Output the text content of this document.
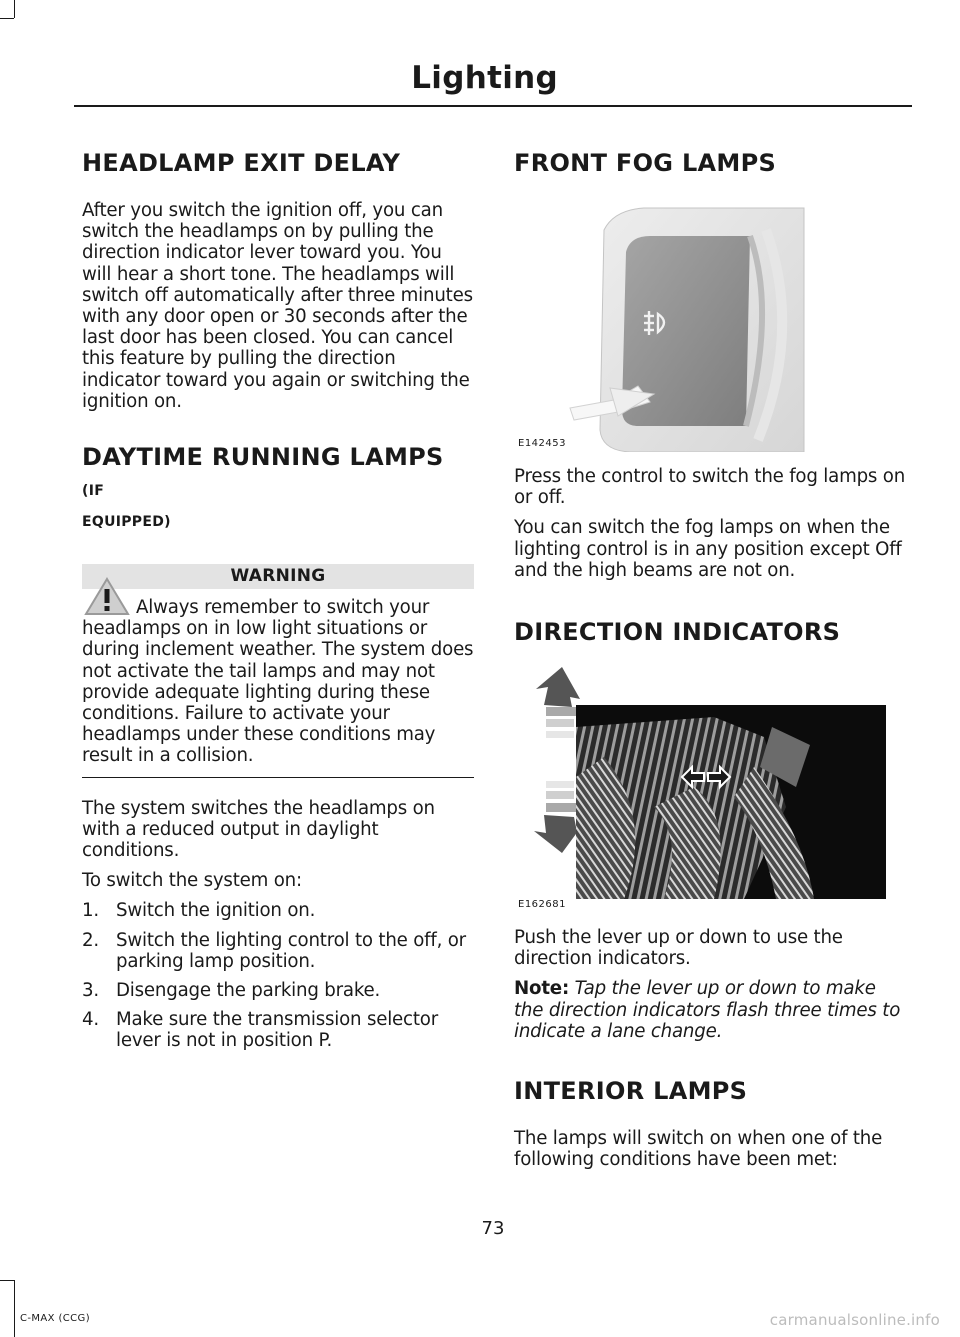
Lighting
HEADLAMP EXIT DELAY

After you switch the ignition off, you can switch the headlamps on by pulling the direction indicator lever toward you. You will hear a short tone. The headlamps will switch off automatically after three minutes with any door open or 30 seconds after the last door has been closed. You can cancel this feature by pulling the direction indicator toward you again or switching the ignition on.

DAYTIME RUNNING LAMPS (IF
EQUIPPED)
WARNING

Always remember to switch your headlamps on in low light situations or during inclement weather. The system does not activate the tail lamps and may not provide adequate lighting during these conditions. Failure to activate your headlamps under these conditions may result in a collision.

The system switches the headlamps on with a reduced output in daylight conditions.

To switch the system on:

1. Switch the ignition on.
2. Switch the lighting control to the off, or parking lamp position.
3. Disengage the parking brake.
4. Make sure the transmission selector lever is not in position P.
FRONT FOG LAMPS
E142453

Press the control to switch the fog lamps on or off.

You can switch the fog lamps on when the lighting control is in any position except Off and the high beams are not on.

DIRECTION INDICATORS
E162681

Push the lever up or down to use the direction indicators.

Note: Tap the lever up or down to make the direction indicators flash three times to indicate a lane change.

INTERIOR LAMPS

The lamps will switch on when one of the following conditions have been met:

73
C-MAX (CCG)	carmanualsonline.info
